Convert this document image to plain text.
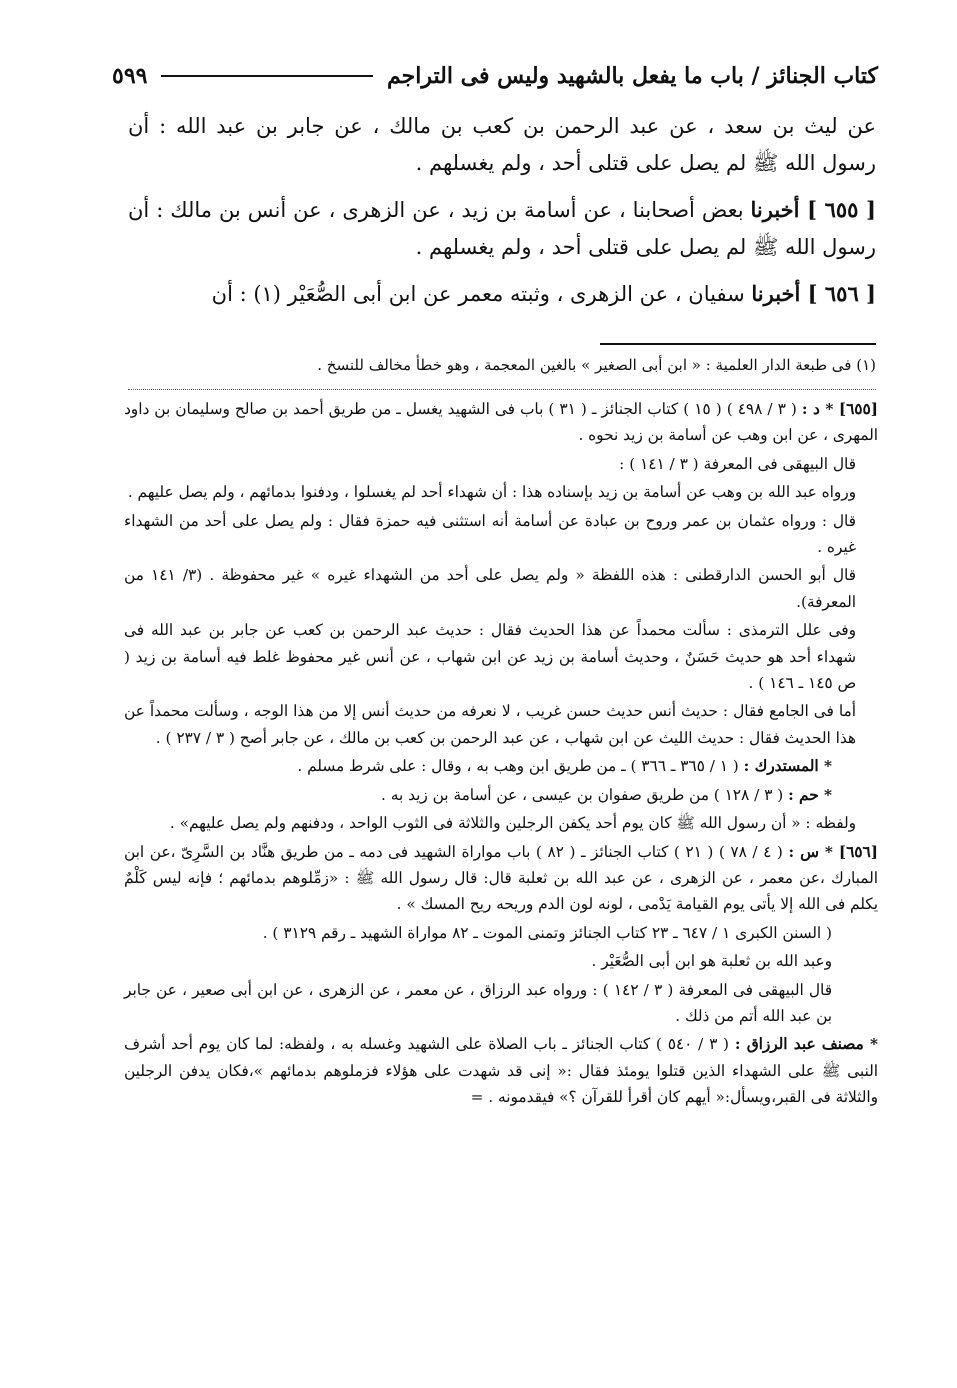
كتاب الجنائز / باب ما يفعل بالشهيد وليس فى التراجم
٥٩٩

عن ليث بن سعد ، عن عبد الرحمن بن كعب بن مالك ، عن جابر بن عبد الله : أن رسول الله ﷺ لم يصل على قتلى أحد ، ولم يغسلهم .

[ ٦٥٥ ] أخبرنا بعض أصحابنا ، عن أسامة بن زيد ، عن الزهرى ، عن أنس بن مالك : أن رسول الله ﷺ لم يصل على قتلى أحد ، ولم يغسلهم .

[ ٦٥٦ ] أخبرنا سفيان ، عن الزهرى ، وثبته معمر عن ابن أبى الصُّعَيْر (١) : أن

(١) فى طبعة الدار العلمية : « ابن أبى الصغير » بالغين المعجمة ، وهو خطأ مخالف للنسخ .

[٦٥٥] * د : ( ٣ / ٤٩٨ ) ( ١٥ ) كتاب الجنائز ـ ( ٣١ ) باب فى الشهيد يغسل ـ من طريق أحمد بن صالح وسليمان بن داود المهرى ، عن ابن وهب عن أسامة بن زيد نحوه .

قال البيهقى فى المعرفة ( ٣ / ١٤١ ) :

ورواه عبد الله بن وهب عن أسامة بن زيد بإسناده هذا : أن شهداء أحد لم يغسلوا ، ودفنوا بدمائهم ، ولم يصل عليهم .

قال : ورواه عثمان بن عمر وروح بن عبادة عن أسامة أنه استثنى فيه حمزة فقال : ولم يصل على أحد من الشهداء غيره .

قال أبو الحسن الدارقطنى : هذه اللفظة « ولم يصل على أحد من الشهداء غيره » غير محفوظة . (٣/ ١٤١ من المعرفة).

وفى علل الترمذى : سألت محمداً عن هذا الحديث فقال : حديث عبد الرحمن بن كعب عن جابر بن عبد الله فى شهداء أحد هو حديث حَسَنٌ ، وحديث أسامة بن زيد عن ابن شهاب ، عن أنس غير محفوظ غلط فيه أسامة بن زيد ( ص ١٤٥ ـ ١٤٦ ) .

أما فى الجامع فقال : حديث أنس حديث حسن غريب ، لا نعرفه من حديث أنس إلا من هذا الوجه ، وسألت محمداً عن هذا الحديث فقال : حديث الليث عن ابن شهاب ، عن عبد الرحمن بن كعب بن مالك ، عن جابر أصح ( ٣ / ٢٣٧ ) .

* المستدرك : ( ١ / ٣٦٥ ـ ٣٦٦ ) ـ من طريق ابن وهب به ، وقال : على شرط مسلم .

* حم : ( ٣ / ١٢٨ ) من طريق صفوان بن عيسى ، عن أسامة بن زيد به .

ولفظه : « أن رسول الله ﷺ كان يوم أحد يكفن الرجلين والثلاثة فى الثوب الواحد ، ودفنهم ولم يصل عليهم» .

[٦٥٦] * س : ( ٤ / ٧٨ ) ( ٢١ ) كتاب الجنائز ـ ( ٨٢ ) باب مواراة الشهيد فى دمه ـ من طريق هنَّاد بن السَّرِىّ ،عن ابن المبارك ،عن معمر ، عن الزهرى ، عن عبد الله بن ثعلبة قال: قال رسول الله ﷺ : «زمِّلوهم بدمائهم ؛ فإنه ليس كَلْمٌ يكلم فى الله إلا يأتى يوم القيامة يَدْمى ، لونه لون الدم وريحه ريح المسك » .

( السنن الكبرى ١ / ٦٤٧ ـ ٢٣ كتاب الجنائز وتمنى الموت ـ ٨٢ مواراة الشهيد ـ رقم ٣١٢٩ ) .

وعبد الله بن ثعلبة هو ابن أبى الصُّعَيْر .

قال البيهقى فى المعرفة ( ٣ / ١٤٢ ) : ورواه عبد الرزاق ، عن معمر ، عن الزهرى ، عن ابن أبى صعير ، عن جابر بن عبد الله أتم من ذلك .

* مصنف عبد الرزاق : ( ٣ / ٥٤٠ ) كتاب الجنائز ـ باب الصلاة على الشهيد وغسله به ، ولفظه: لما كان يوم أحد أشرف النبى ﷺ على الشهداء الذين قتلوا يومئذ فقال :« إنى قد شهدت على هؤلاء فزملوهم بدمائهم »،فكان يدفن الرجلين والثلاثة فى القبر،ويسأل:« أيهم كان أقرأ للقرآن ؟» فيقدمونه . =
